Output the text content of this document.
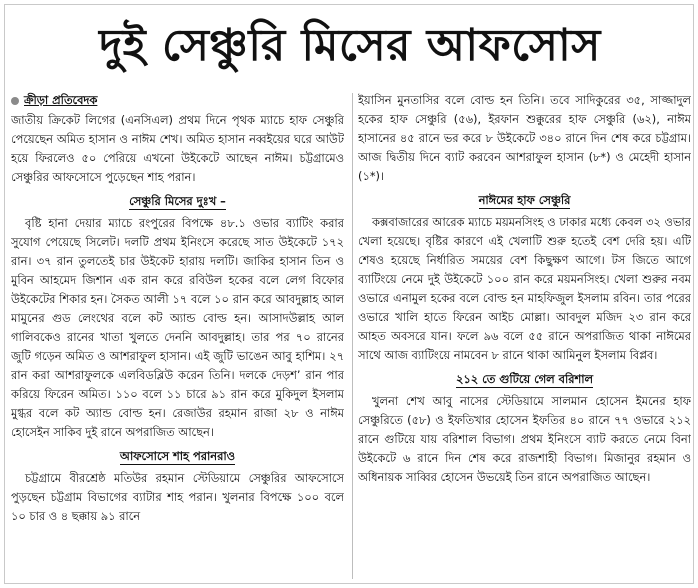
দুই সেঞ্চুরি মিসের আফসোস
ক্রীড়া প্রতিবেদক

জাতীয় ক্রিকেট লিগের (এনসিএল) প্রথম দিনে পৃথক ম্যাচে হাফ সেঞ্চুরি পেয়েছেন অমিত হাসান ও নাঈম শেখ। অমিত হাসান নব্বইয়ের ঘরে আউট হয়ে ফিরলেও ৫০ পেরিয়ে এখনো উইকেটে আছেন নাঈম। চট্টগ্রামেও সেঞ্চুরির আফসোসে পুড়েছেন শাহ পরান।

সেঞ্চুরি মিসের দুঃখ –

বৃষ্টি হানা দেয়ার ম্যাচে রংপুরের বিপক্ষে ৪৮.১ ওভার ব্যাটিং করার সুযোগ পেয়েছে সিলেট। দলটি প্রথম ইনিংসে করেছে সাত উইকেটে ১৭২ রান। ৩৭ রান তুলতেই চার উইকেট হারায় দলটি। জাকির হাসান তিন ও মুবিন আহমেদ জিশান এক রান করে রবিউল হকের বলে লেগ বিফোর উইকেটের শিকার হন। সৈকত আলী ১৭ বলে ১০ রান করে আবদুল্লাহ আল মামুনের গুড লেংথের বলে কট অ্যান্ড বোল্ড হন। আসাদউল্লাহ আল গালিবকেও রানের খাতা খুলতে দেননি আবদুল্লাহ। তার পর ৭০ রানের জুটি গড়েন অমিত ও আশরাফুল হাসান। এই জুটি ভাঙেন আবু হাশিম। ২৭ রান করা আশরাফুলকে এলবিডব্লিউ করেন তিনি। দলকে দেড়শ’ রান পার করিয়ে ফিরেন অমিত। ১১০ বলে ১১ চারে ৯১ রান করে মুকিদুল ইসলাম মুগ্ধর বলে কট অ্যান্ড বোল্ড হন। রেজাউর রহমান রাজা ২৮ ও নাঈম হোসেইন সাকিব দুই রানে অপরাজিত আছেন।

আফসোসে শাহ পরানরাও

চট্টগ্রামে বীরশ্রেষ্ঠ মতিউর রহমান স্টেডিয়ামে সেঞ্চুরির আফসোসে পুড়ছেন চট্টগ্রাম বিভাগের ব্যাটার শাহ পরান। খুলনার বিপক্ষে ১০০ বলে ১০ চার ও ৪ ছক্কায় ৯১ রানে

ইয়াসিন মুনতাসির বলে বোল্ড হন তিনি। তবে সাদিকুরের ৩৫, সাজ্জাদুল হকের হাফ সেঞ্চুরি (৫৬), ইরফান শুক্কুরের হাফ সেঞ্চুরি (৬২), নাঈম হাসানের ৪৫ রানে ভর করে ৮ উইকেটে ৩৪০ রানে দিন শেষ করে চট্টগ্রাম। আজ দ্বিতীয় দিনে ব্যাট করবেন আশরাফুল হাসান (৮*) ও মেহেদী হাসান (১*)।

নাঈমের হাফ সেঞ্চুরি

কক্সবাজারের আরেক ম্যাচে ময়মনসিংহ ও ঢাকার মধ্যে কেবল ৩২ ওভার খেলা হয়েছে। বৃষ্টির কারণে এই খেলাটি শুরু হতেই বেশ দেরি হয়। এটি শেষও হয়েছে নির্ধারিত সময়ের বেশ কিছুক্ষণ আগে। টস জিতে আগে ব্যাটিংয়ে নেমে দুই উইকেটে ১০০ রান করে ময়মনসিংহ। খেলা শুরুর নবম ওভারে এনামুল হকের বলে বোল্ড হন মাহফিজুল ইসলাম রবিন। তার পরের ওভারে খালি হাতে ফিরেন আইচ মোল্লা। আবদুল মজিদ ২৩ রান করে আহত অবসরে যান। ফলে ৯৬ বলে ৫৫ রানে অপরাজিত থাকা নাঈমের সাথে আজ ব্যাটিংয়ে নামবেন ৮ রানে থাকা আমিনুল ইসলাম বিপ্লব।

২১২ তে গুটিয়ে গেল বরিশাল

খুলনা শেখ আবু নাসের স্টেডিয়ামে সালমান হোসেন ইমনের হাফ সেঞ্চুরিতে (৫৮) ও ইফতিখার হোসেন ইফতির ৪০ রানে ৭৭ ওভারে ২১২ রানে গুটিয়ে যায় বরিশাল বিভাগ। প্রথম ইনিংসে ব্যাট করতে নেমে বিনা উইকেটে ৬ রানে দিন শেষ করে রাজশাহী বিভাগ। মিজানুর রহমান ও অধিনায়ক সাব্বির হোসেন উভয়েই তিন রানে অপরাজিত আছেন।
